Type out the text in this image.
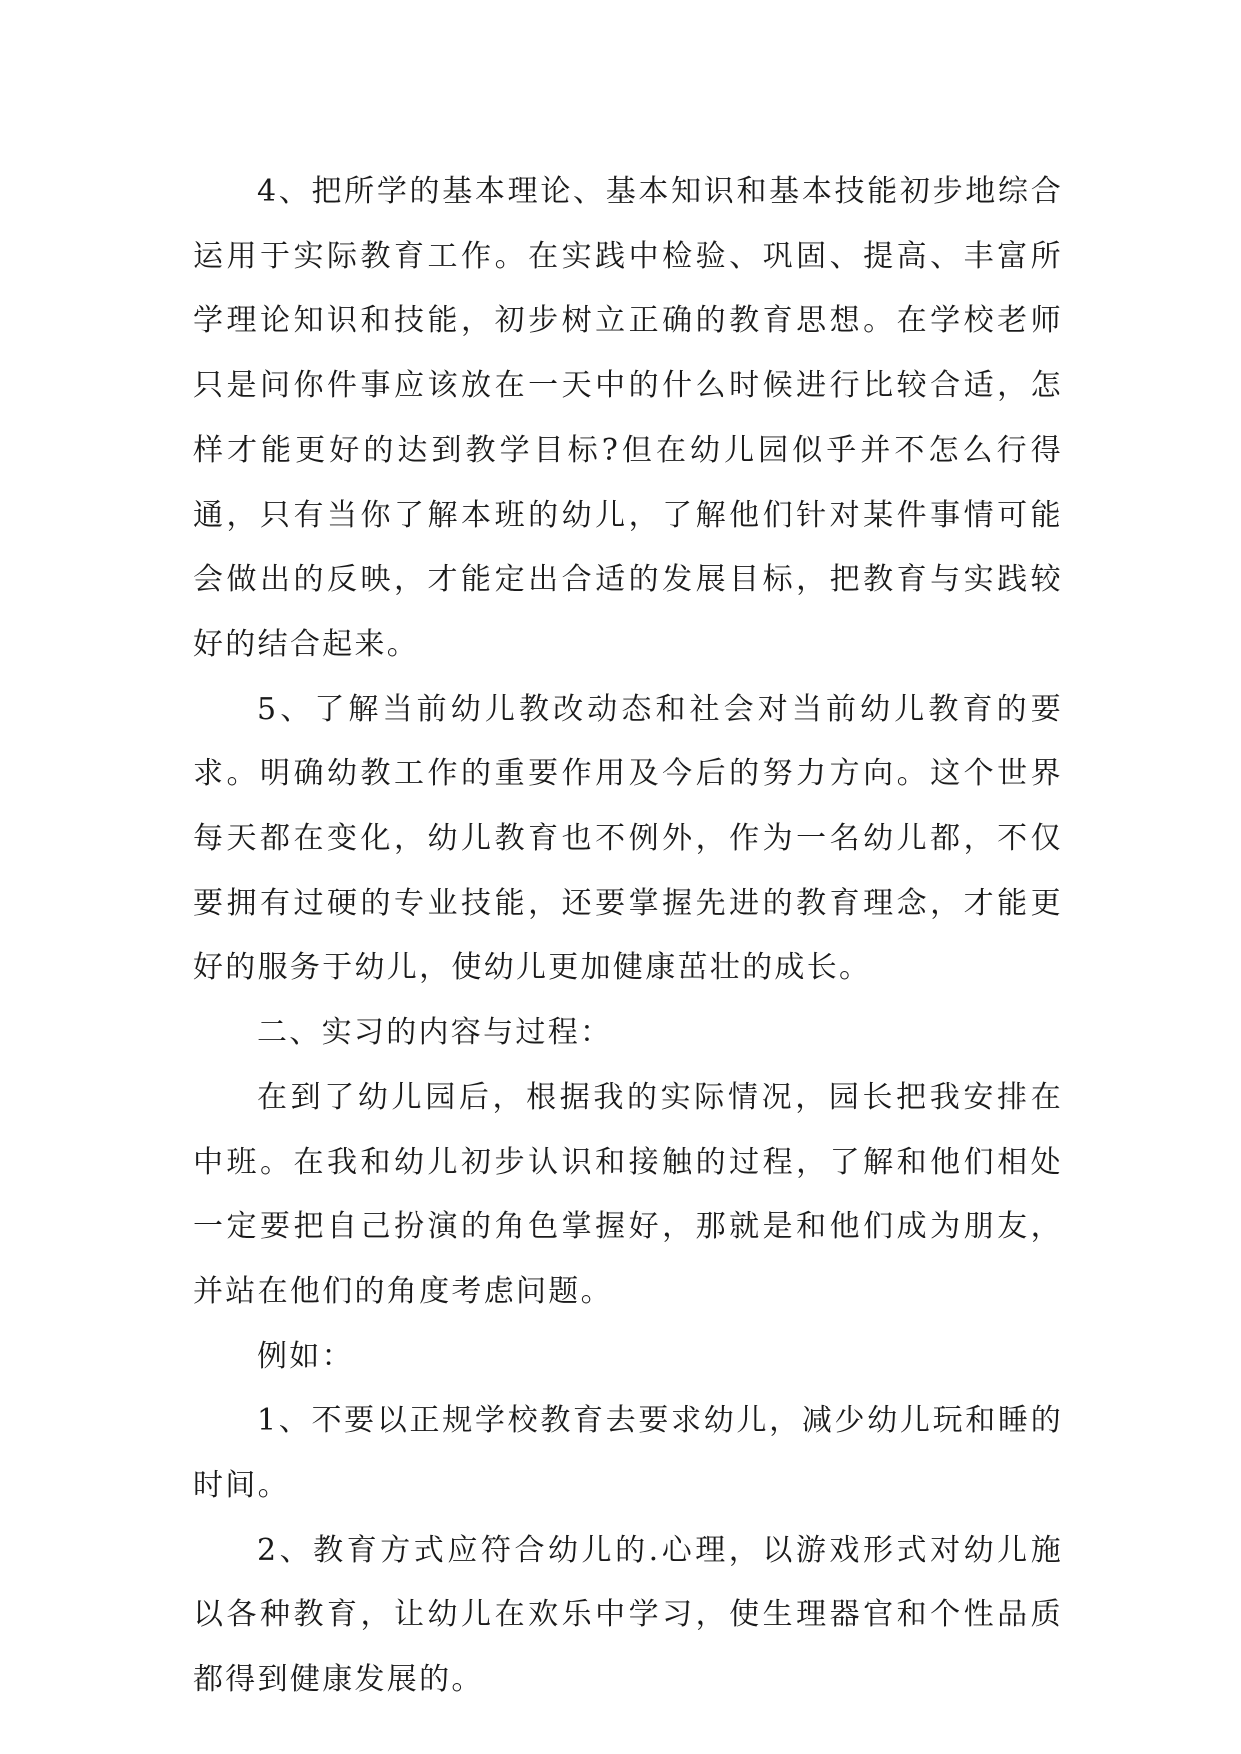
4、把所学的基本理论、基本知识和基本技能初步地综合运用于实际教育工作。在实践中检验、巩固、提高、丰富所学理论知识和技能，初步树立正确的教育思想。在学校老师只是问你件事应该放在一天中的什么时候进行比较合适，怎样才能更好的达到教学目标?但在幼儿园似乎并不怎么行得通，只有当你了解本班的幼儿，了解他们针对某件事情可能会做出的反映，才能定出合适的发展目标，把教育与实践较好的结合起来。

5、了解当前幼儿教改动态和社会对当前幼儿教育的要求。明确幼教工作的重要作用及今后的努力方向。这个世界每天都在变化，幼儿教育也不例外，作为一名幼儿都，不仅要拥有过硬的专业技能，还要掌握先进的教育理念，才能更好的服务于幼儿，使幼儿更加健康茁壮的成长。

二、实习的内容与过程：

在到了幼儿园后，根据我的实际情况，园长把我安排在中班。在我和幼儿初步认识和接触的过程，了解和他们相处一定要把自己扮演的角色掌握好，那就是和他们成为朋友，并站在他们的角度考虑问题。

例如：

1、不要以正规学校教育去要求幼儿，减少幼儿玩和睡的时间。

2、教育方式应符合幼儿的.心理，以游戏形式对幼儿施以各种教育，让幼儿在欢乐中学习，使生理器官和个性品质都得到健康发展的。
